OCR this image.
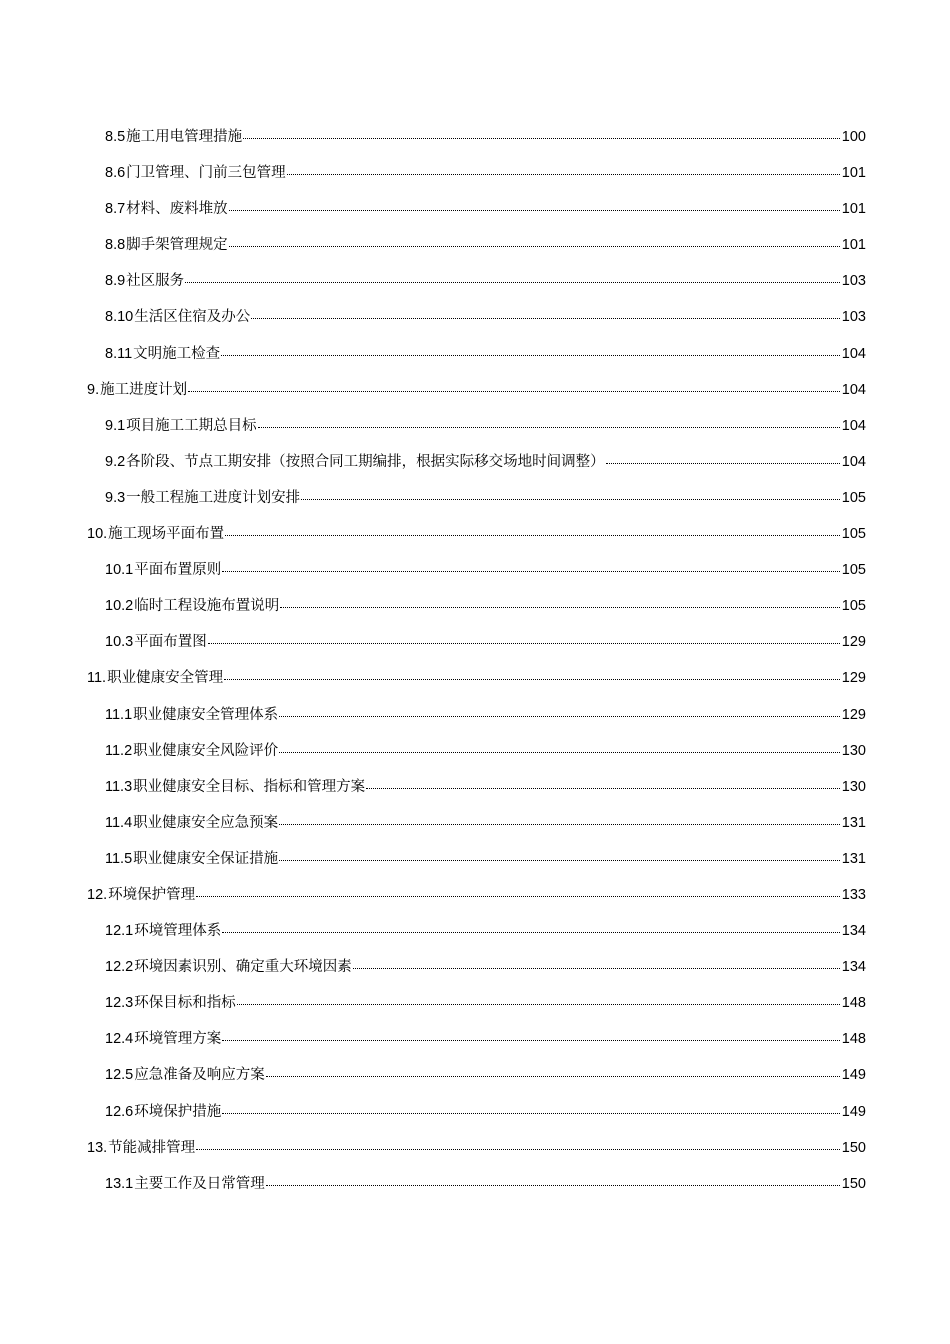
8.5 施工用电管理措施	100
8.6 门卫管理、门前三包管理	101
8.7 材料、废料堆放	101
8.8 脚手架管理规定	101
8.9 社区服务	103
8.10 生活区住宿及办公	103
8.11 文明施工检查	104
9. 施工进度计划	104
9.1 项目施工工期总目标	104
9.2 各阶段、节点工期安排（按照合同工期编排，根据实际移交场地时间调整）	104
9.3 一般工程施工进度计划安排	105
10. 施工现场平面布置	105
10.1 平面布置原则	105
10.2 临时工程设施布置说明	105
10.3 平面布置图	129
11. 职业健康安全管理	129
11.1 职业健康安全管理体系	129
11.2 职业健康安全风险评价	130
11.3 职业健康安全目标、指标和管理方案	130
11.4 职业健康安全应急预案	131
11.5 职业健康安全保证措施	131
12. 环境保护管理	133
12.1 环境管理体系	134
12.2 环境因素识别、确定重大环境因素	134
12.3 环保目标和指标	148
12.4 环境管理方案	148
12.5 应急准备及响应方案	149
12.6 环境保护措施	149
13. 节能减排管理	150
13.1 主要工作及日常管理	150
